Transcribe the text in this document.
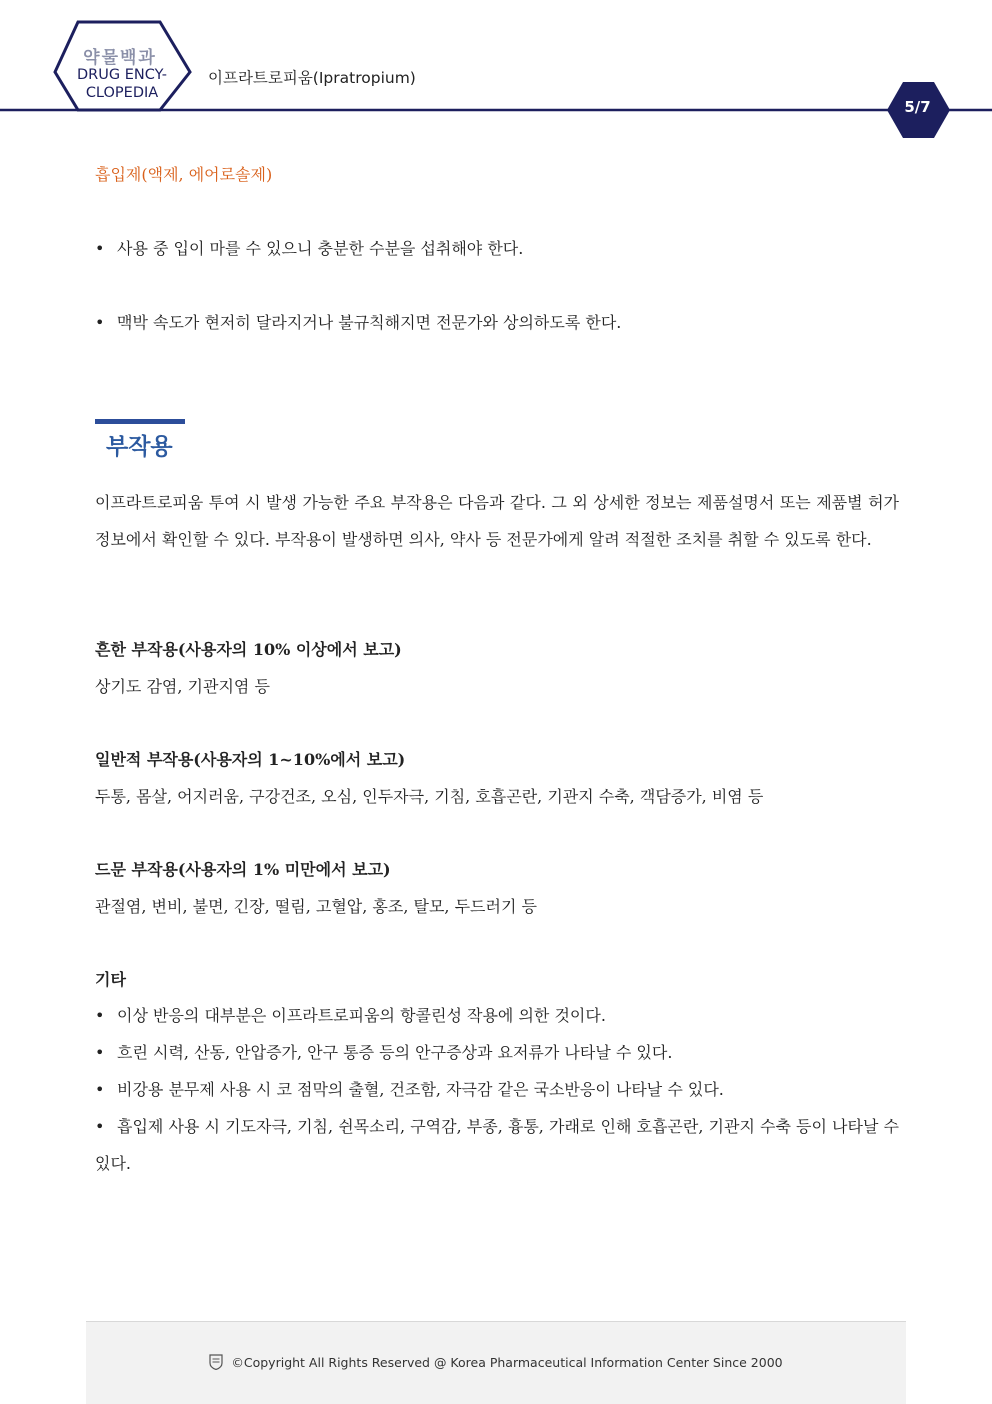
약물백과
DRUG ENCY-
CLOPEDIA
이프라트로피움(Ipratropium)
5/7
흡입제(액제, 에어로솔제)
• 사용 중 입이 마를 수 있으니 충분한 수분을 섭취해야 한다.
• 맥박 속도가 현저히 달라지거나 불규칙해지면 전문가와 상의하도록 한다.
부작용
이프라트로피움 투여 시 발생 가능한 주요 부작용은 다음과 같다. 그 외 상세한 정보는 제품설명서 또는 제품별 허가정보에서 확인할 수 있다. 부작용이 발생하면 의사, 약사 등 전문가에게 알려 적절한 조치를 취할 수 있도록 한다.
흔한 부작용(사용자의 10% 이상에서 보고)
상기도 감염, 기관지염 등
일반적 부작용(사용자의 1~10%에서 보고)
두통, 몸살, 어지러움, 구강건조, 오심, 인두자극, 기침, 호흡곤란, 기관지 수축, 객담증가, 비염 등
드문 부작용(사용자의 1% 미만에서 보고)
관절염, 변비, 불면, 긴장, 떨림, 고혈압, 홍조, 탈모, 두드러기 등
기타
• 이상 반응의 대부분은 이프라트로피움의 항콜린성 작용에 의한 것이다.
• 흐린 시력, 산동, 안압증가, 안구 통증 등의 안구증상과 요저류가 나타날 수 있다.
• 비강용 분무제 사용 시 코 점막의 출혈, 건조함, 자극감 같은 국소반응이 나타날 수 있다.
• 흡입제 사용 시 기도자극, 기침, 쉰목소리, 구역감, 부종, 흉통, 가래로 인해 호흡곤란, 기관지 수축 등이 나타날 수 있다.
©Copyright All Rights Reserved @ Korea Pharmaceutical Information Center Since 2000
